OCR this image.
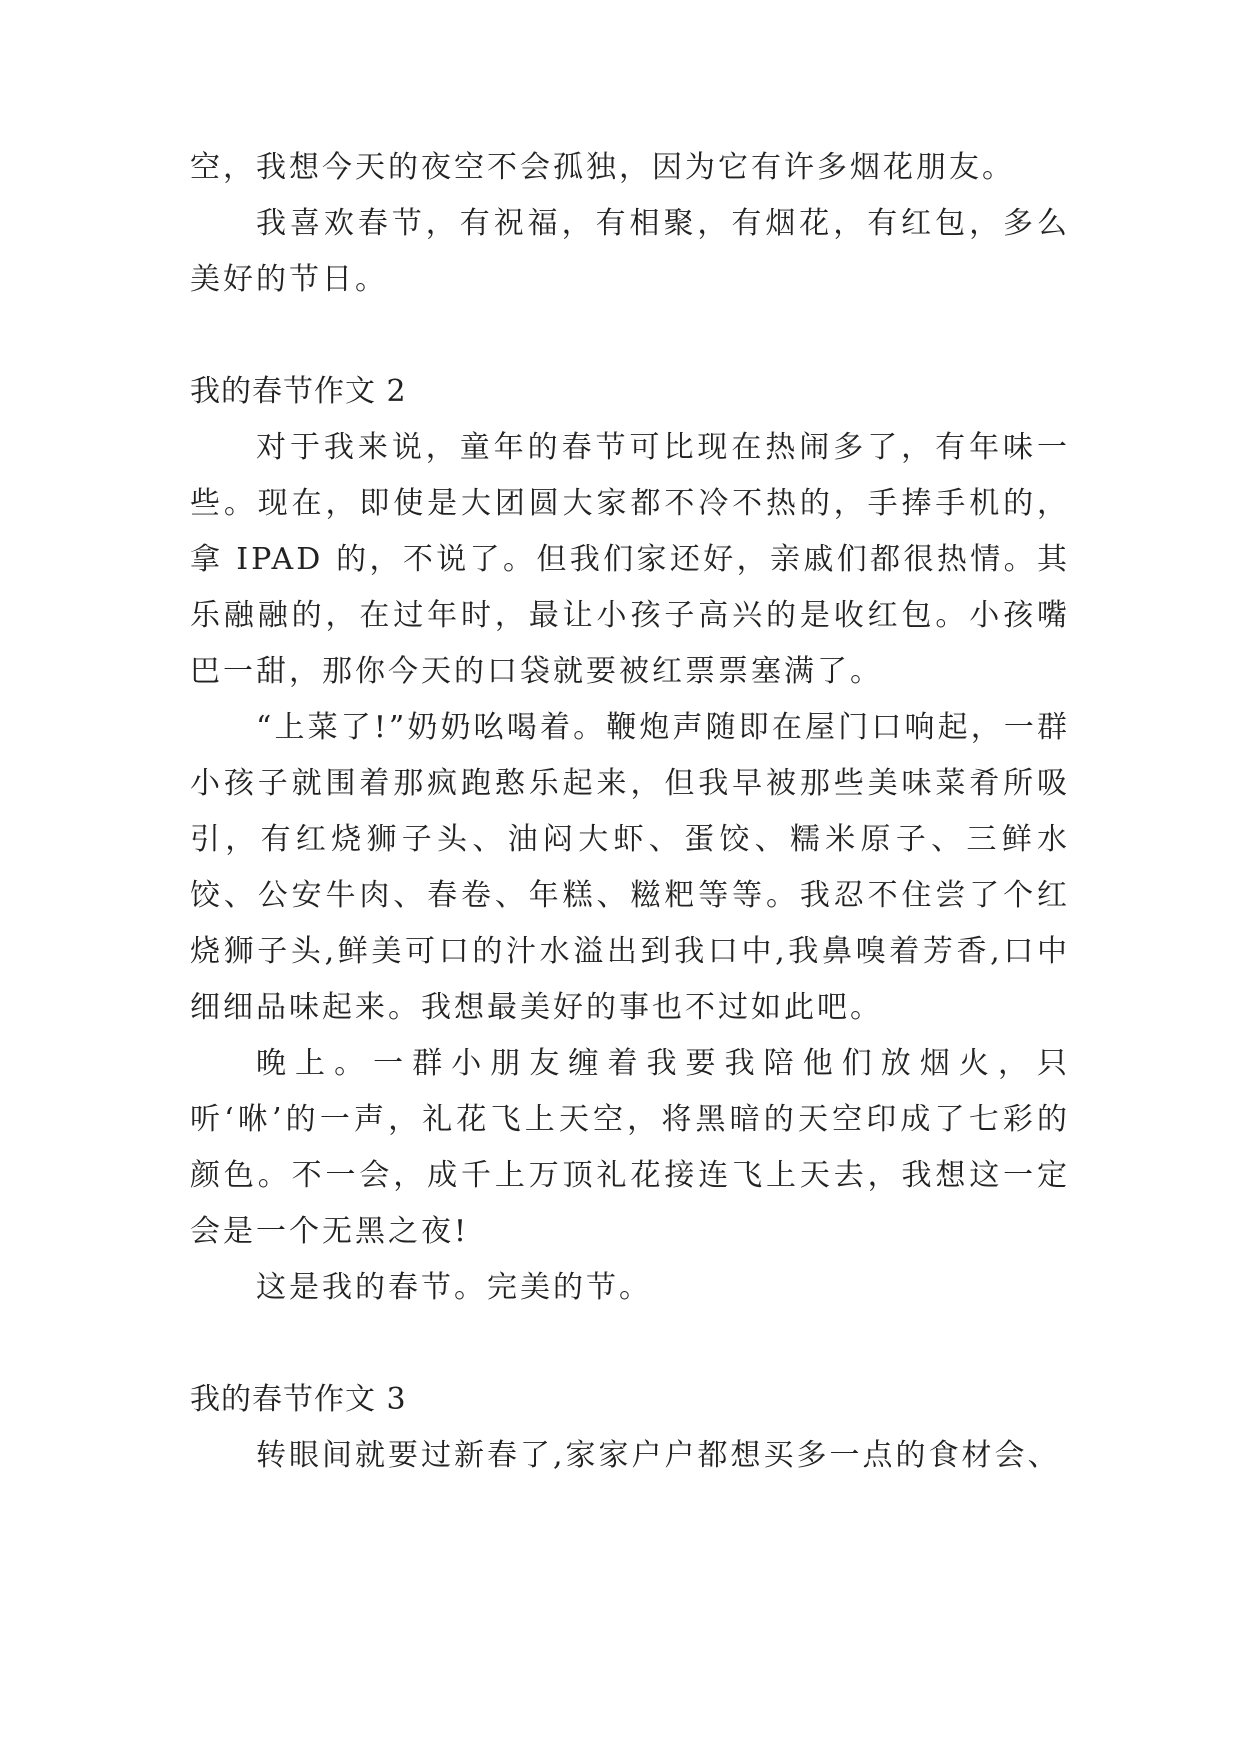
空，我想今天的夜空不会孤独，因为它有许多烟花朋友。

我喜欢春节，有祝福，有相聚，有烟花，有红包，多么美好的节日。

我的春节作文 2

对于我来说，童年的春节可比现在热闹多了，有年味一些。现在，即使是大团圆大家都不冷不热的，手捧手机的，拿 IPAD 的，不说了。但我们家还好，亲戚们都很热情。其乐融融的，在过年时，最让小孩子高兴的是收红包。小孩嘴巴一甜，那你今天的口袋就要被红票票塞满了。

“上菜了!”奶奶吆喝着。鞭炮声随即在屋门口响起，一群小孩子就围着那疯跑憨乐起来，但我早被那些美味菜肴所吸引，有红烧狮子头、油闷大虾、蛋饺、糯米原子、三鲜水饺、公安牛肉、春卷、年糕、糍粑等等。我忍不住尝了个红烧狮子头,鲜美可口的汁水溢出到我口中,我鼻嗅着芳香,口中细细品味起来。我想最美好的事也不过如此吧。

晚上。一群小朋友缠着我要我陪他们放烟火，只听‘咻’的一声，礼花飞上天空，将黑暗的天空印成了七彩的颜色。不一会，成千上万顶礼花接连飞上天去，我想这一定会是一个无黑之夜!

这是我的春节。完美的节。

我的春节作文 3

转眼间就要过新春了,家家户户都想买多一点的食材会、
